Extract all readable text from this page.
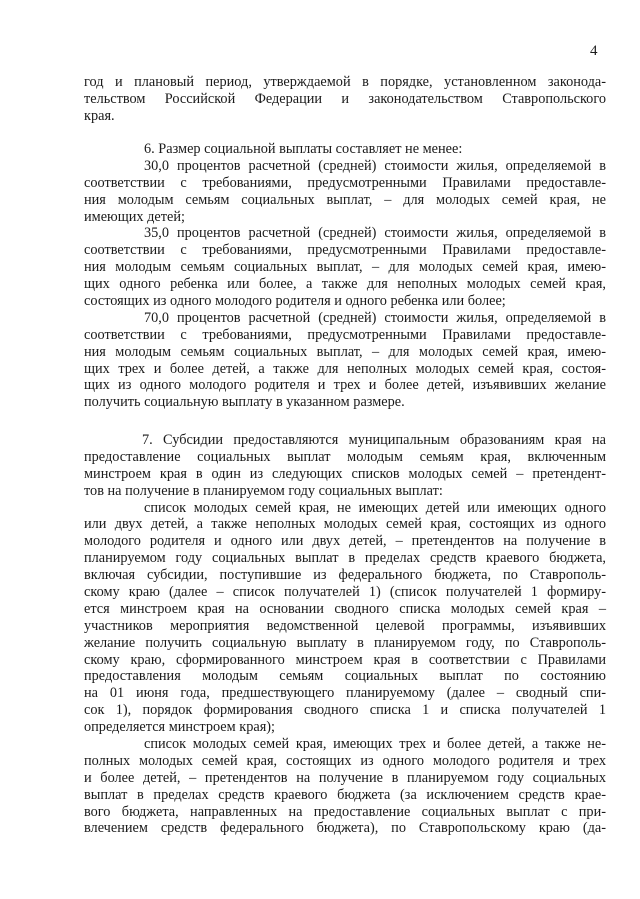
4
год и плановый период, утверждаемой в порядке, установленном законода-
тельством Российской Федерации и законодательством Ставропольского
края.
6. Размер социальной выплаты составляет не менее:
30,0 процентов расчетной (средней) стоимости жилья, определяемой в
соответствии с требованиями, предусмотренными Правилами предоставле-
ния молодым семьям социальных выплат, – для молодых семей края, не
имеющих детей;
35,0 процентов расчетной (средней) стоимости жилья, определяемой в
соответствии с требованиями, предусмотренными Правилами предоставле-
ния молодым семьям социальных выплат, – для молодых семей края, имею-
щих одного ребенка или более, а также для неполных молодых семей края,
состоящих из одного молодого родителя и одного ребенка или более;
70,0 процентов расчетной (средней) стоимости жилья, определяемой в
соответствии с требованиями, предусмотренными Правилами предоставле-
ния молодым семьям социальных выплат, – для молодых семей края, имею-
щих трех и более детей, а также для неполных молодых семей края, состоя-
щих из одного молодого родителя и трех и более детей, изъявивших желание
получить социальную выплату в указанном размере.
7. Субсидии предоставляются муниципальным образованиям края на
предоставление социальных выплат молодым семьям края, включенным
минстроем края в один из следующих списков молодых семей – претендент-
тов на получение в планируемом году социальных выплат:
список молодых семей края, не имеющих детей или имеющих одного
или двух детей, а также неполных молодых семей края, состоящих из одного
молодого родителя и одного или двух детей, – претендентов на получение в
планируемом году социальных выплат в пределах средств краевого бюджета,
включая субсидии, поступившие из федерального бюджета, по Ставрополь-
скому краю (далее – список получателей 1) (список получателей 1 формиру-
ется минстроем края на основании сводного списка молодых семей края –
участников мероприятия ведомственной целевой программы, изъявивших
желание получить социальную выплату в планируемом году, по Ставрополь-
скому краю, сформированного минстроем края в соответствии с Правилами
предоставления молодым семьям социальных выплат по состоянию
на 01 июня года, предшествующего планируемому (далее – сводный спи-
сок 1), порядок формирования сводного списка 1 и списка получателей 1
определяется минстроем края);
список молодых семей края, имеющих трех и более детей, а также не-
полных молодых семей края, состоящих из одного молодого родителя и трех
и более детей, – претендентов на получение в планируемом году социальных
выплат в пределах средств краевого бюджета (за исключением средств крае-
вого бюджета, направленных на предоставление социальных выплат с при-
влечением средств федерального бюджета), по Ставропольскому краю (да-
